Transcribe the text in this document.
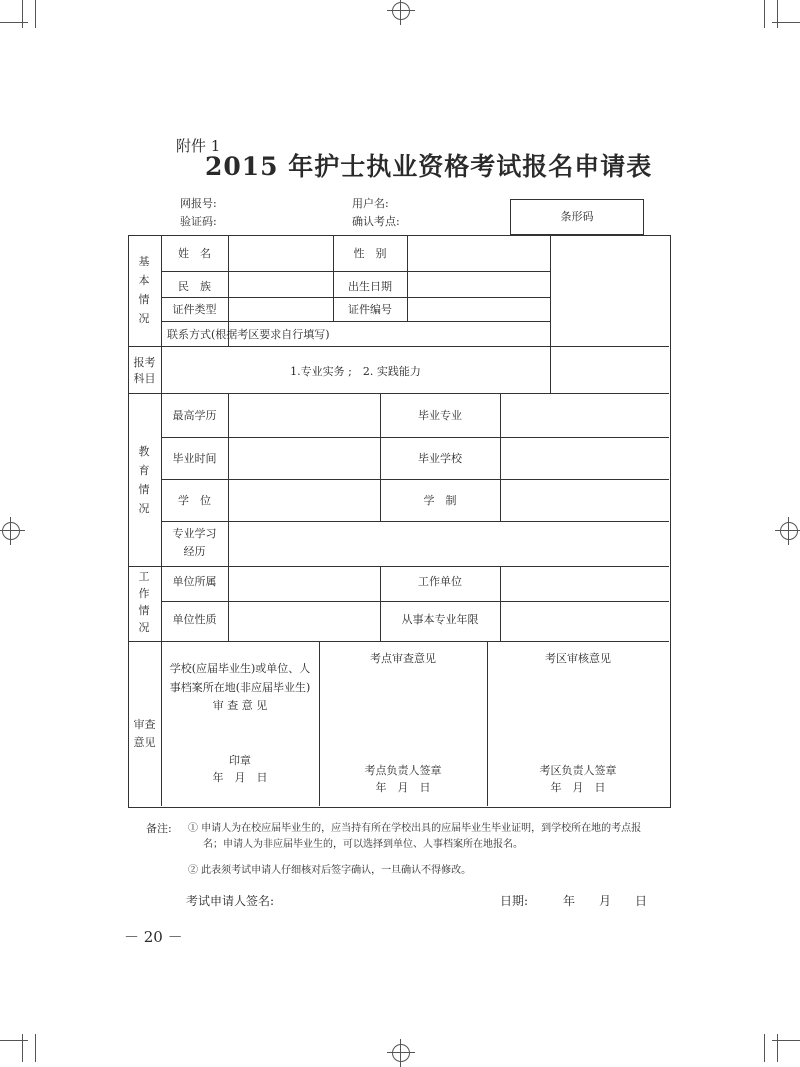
附件 1
2015 年护士执业资格考试报名申请表
网报号:	用户名:
验证码:	确认考点:	条形码
基本情况
姓　名	性　别
民　族	出生日期
证件类型	证件编号
联系方式(根据考区要求自行填写)
报考
科目
1.专业实务 ;　2. 实践能力
教育情况
最高学历	毕业专业
毕业时间	毕业学校
学　位	学　制
专业学习
经历
工作情况
单位所属	工作单位
单位性质	从事本专业年限
审查
意见
学校(应届毕业生)或单位、人
事档案所在地(非应届毕业生)
审 查 意 见
印章
年　月　日
考点审查意见
考点负责人签章
年　月　日
考区审核意见
考区负责人签章
年　月　日
备注: ① 申请人为在校应届毕业生的，应当持有所在学校出具的应届毕业生毕业证明，到学校所在地的考点报
名；申请人为非应届毕业生的，可以选择到单位、人事档案所在地报名。
② 此表须考试申请人仔细核对后签字确认，一旦确认不得修改。
考试申请人签名:	日期:	年　　月　　日
－ 20 －
